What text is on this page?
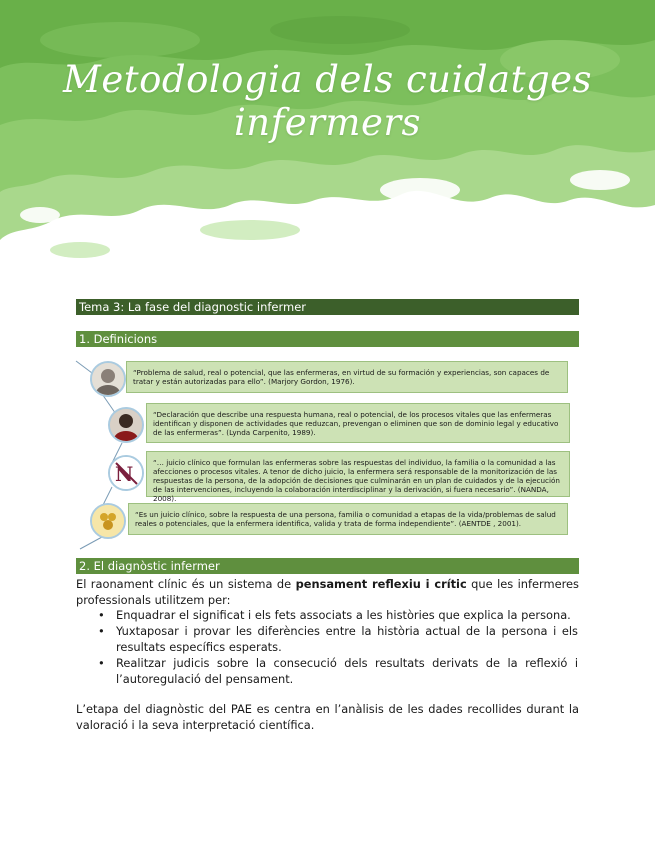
Metodologia dels cuidatges infermers
Tema 3: La fase del diagnostic infermer
1. Definicions
“Problema de salud, real o potencial, que las enfermeras, en virtud de su formación y experiencias, son capaces de tratar y están autorizadas para ello”. (Marjory Gordon, 1976).
“Declaración que describe una respuesta humana, real o potencial, de los procesos vitales que las enfermeras identifican y disponen de actividades que reduzcan, prevengan o eliminen que son de dominio legal y educativo de las enfermeras”. (Lynda Carpenito, 1989).
N	“… juicio clínico que formulan las enfermeras sobre las respuestas del individuo, la familia o la comunidad a las afecciones o procesos vitales. A tenor de dicho juicio, la enfermera será responsable de la monitorización de las respuestas de la persona, de la adopción de decisiones que culminarán en un plan de cuidados y de la ejecución de las intervenciones, incluyendo la colaboración interdisciplinar y la derivación, si fuera necesario”. (NANDA, 2008).
“Es un juicio clínico, sobre la respuesta de una persona, familia o comunidad a etapas de la vida/problemas de salud reales o potenciales, que la enfermera identifica, valida y trata de forma independiente”. (AENTDE , 2001).
2. El diagnòstic infermer
El raonament clínic és un sistema de pensament reflexiu i crític que les infermeres professionals utilitzem per:
• Enquadrar el significat i els fets associats a les històries que explica la persona.
• Yuxtaposar i provar les diferències entre la història actual de la persona i els resultats específics esperats.
• Realitzar judicis sobre la consecució dels resultats derivats de la reflexió i l’autoregulació del pensament.
L’etapa del diagnòstic del PAE es centra en l’anàlisis de les dades recollides durant la valoració i la seva interpretació científica.
